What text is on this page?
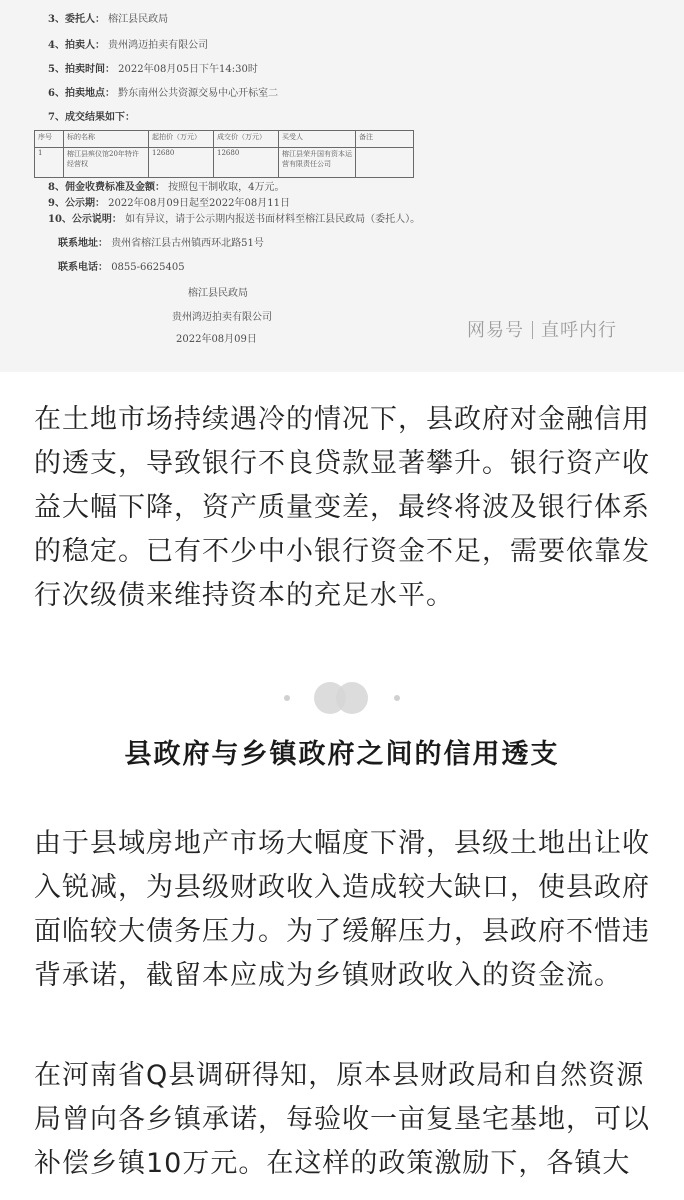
3、委托人： 榕江县民政局
4、拍卖人： 贵州鸿迈拍卖有限公司
5、拍卖时间： 2022年08月05日下午14:30时
6、拍卖地点： 黔东南州公共资源交易中心开标室二
7、成交结果如下：
序号	标的名称	起拍价（万元）	成交价（万元）	买受人	备注
1	榕江县殡仪馆20年特许经营权	12680	12680	榕江县荣升国有资本运营有限责任公司	
8、佣金收费标准及金额： 按照包干制收取，4万元。
9、公示期： 2022年08月09日起至2022年08月11日
10、公示说明： 如有异议，请于公示期内报送书面材料至榕江县民政局（委托人）。
联系地址： 贵州省榕江县古州镇西环北路51号
联系电话： 0855-6625405
榕江县民政局
贵州鸿迈拍卖有限公司
2022年08月09日	网易号 直呼内行

在土地市场持续遇冷的情况下，县政府对金融信用的透支，导致银行不良贷款显著攀升。银行资产收益大幅下降，资产质量变差，最终将波及银行体系的稳定。已有不少中小银行资金不足，需要依靠发行次级债来维持资本的充足水平。

县政府与乡镇政府之间的信用透支

由于县域房地产市场大幅度下滑，县级土地出让收入锐减，为县级财政收入造成较大缺口，使县政府面临较大债务压力。为了缓解压力，县政府不惜违背承诺，截留本应成为乡镇财政收入的资金流。

在河南省Q县调研得知，原本县财政局和自然资源局曾向各乡镇承诺，每验收一亩复垦宅基地，可以补偿乡镇10万元。在这样的政策激励下，各镇大
